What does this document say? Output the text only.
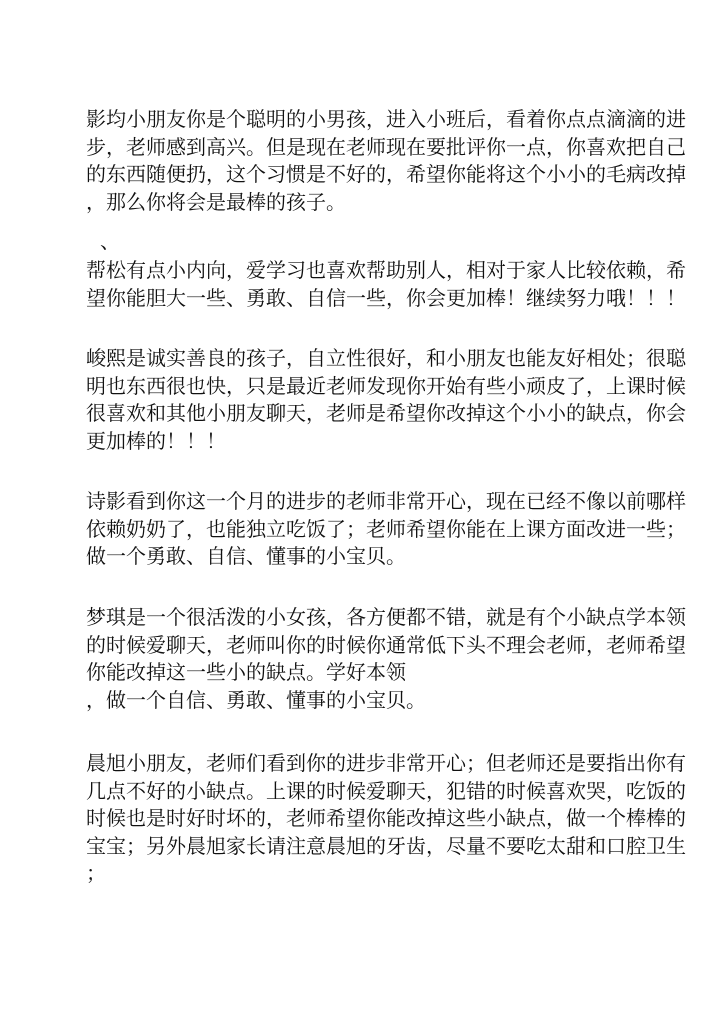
影均小朋友你是个聪明的小男孩，进入小班后，看着你点点滴滴的进
步，老师感到高兴。但是现在老师现在要批评你一点，你喜欢把自己
的东西随便扔，这个习惯是不好的，希望你能将这个小小的毛病改掉
，那么你将会是最棒的孩子。
、
帮松有点小内向，爱学习也喜欢帮助别人，相对于家人比较依赖，希
望你能胆大一些、勇敢、自信一些，你会更加棒！继续努力哦！！！
峻熙是诚实善良的孩子，自立性很好，和小朋友也能友好相处；很聪
明也东西很也快，只是最近老师发现你开始有些小顽皮了，上课时候
很喜欢和其他小朋友聊天，老师是希望你改掉这个小小的缺点，你会
更加棒的！！！
诗影看到你这一个月的进步的老师非常开心，现在已经不像以前哪样
依赖奶奶了，也能独立吃饭了；老师希望你能在上课方面改进一些；
做一个勇敢、自信、懂事的小宝贝。
梦琪是一个很活泼的小女孩，各方便都不错，就是有个小缺点学本领
的时候爱聊天，老师叫你的时候你通常低下头不理会老师，老师希望
你能改掉这一些小的缺点。学好本领
，做一个自信、勇敢、懂事的小宝贝。
晨旭小朋友，老师们看到你的进步非常开心；但老师还是要指出你有
几点不好的小缺点。上课的时候爱聊天，犯错的时候喜欢哭，吃饭的
时候也是时好时坏的，老师希望你能改掉这些小缺点，做一个棒棒的
宝宝；另外晨旭家长请注意晨旭的牙齿，尽量不要吃太甜和口腔卫生
；
